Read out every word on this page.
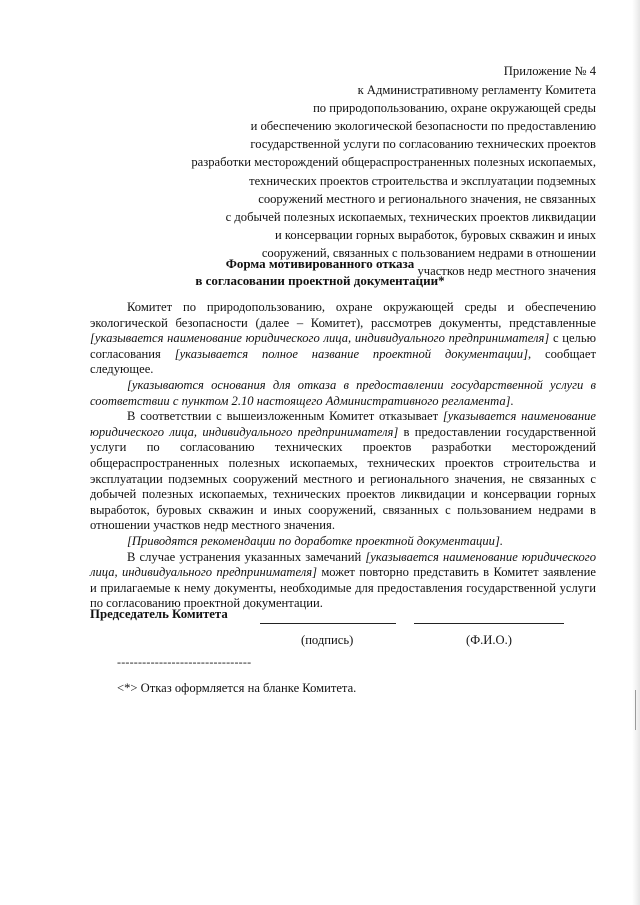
Приложение № 4
к Административному регламенту Комитета
по природопользованию, охране окружающей среды
и обеспечению экологической безопасности по предоставлению
государственной услуги по согласованию технических проектов
разработки месторождений общераспространенных полезных ископаемых,
технических проектов строительства и эксплуатации подземных
сооружений местного и регионального значения, не связанных
с добычей полезных ископаемых, технических проектов ликвидации
и консервации горных выработок, буровых скважин и иных
сооружений, связанных с пользованием недрами в отношении
участков недр местного значения
Форма мотивированного отказа
в согласовании проектной документации*

Комитет по природопользованию, охране окружающей среды и обеспечению экологической безопасности (далее – Комитет), рассмотрев документы, представленные [указывается наименование юридического лица, индивидуального предпринимателя] с целью согласования [указывается полное название проектной документации], сообщает следующее.

[указываются основания для отказа в предоставлении государственной услуги в соответствии с пунктом 2.10 настоящего Административного регламента].

В соответствии с вышеизложенным Комитет отказывает [указывается наименование юридического лица, индивидуального предпринимателя] в предоставлении государственной услуги по согласованию технических проектов разработки месторождений общераспространенных полезных ископаемых, технических проектов строительства и эксплуатации подземных сооружений местного и регионального значения, не связанных с добычей полезных ископаемых, технических проектов ликвидации и консервации горных выработок, буровых скважин и иных сооружений, связанных с пользованием недрами в отношении участков недр местного значения.

[Приводятся рекомендации по доработке проектной документации].

В случае устранения указанных замечаний [указывается наименование юридического лица, индивидуального предпринимателя] может повторно представить в Комитет заявление и прилагаемые к нему документы, необходимые для предоставления государственной услуги по согласованию проектной документации.

Председатель Комитета
(подпись)	(Ф.И.О.)
--------------------------------
<*> Отказ оформляется на бланке Комитета.
